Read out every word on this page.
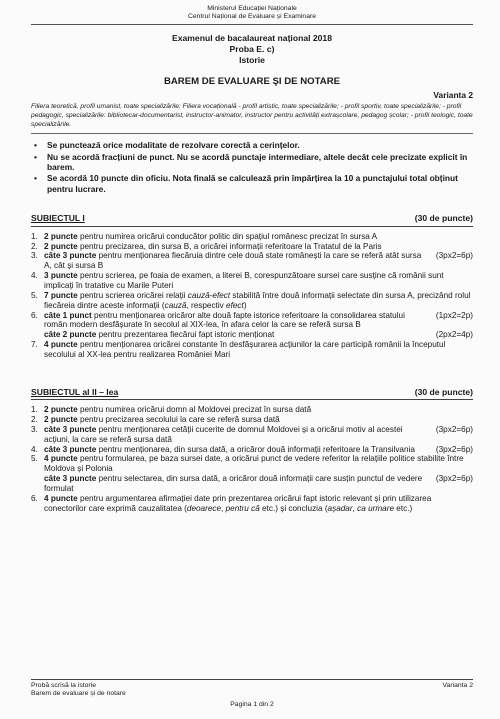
Ministerul Educației Naționale
Centrul Național de Evaluare și Examinare
Examenul de bacalaureat național 2018
Proba E. c)
Istorie
BAREM DE EVALUARE ŞI DE NOTARE
Varianta 2
Filiera teoretică, profil umanist, toate specializările; Filiera vocațională - profil artistic, toate specializările; - profil sportiv, toate specializările; - profil pedagogic, specializările: bibliotecar-documentarist, instructor-animator, instructor pentru activități extrașcolare, pedagog școlar; - profil teologic, toate specializările.
• Se punctează orice modalitate de rezolvare corectă a cerințelor.
• Nu se acordă fracțiuni de punct. Nu se acordă punctaje intermediare, altele decât cele precizate explicit în barem.
• Se acordă 10 puncte din oficiu. Nota finală se calculează prin împărțirea la 10 a punctajului total obținut pentru lucrare.
SUBIECTUL I	(30 de puncte)
1. 2 puncte pentru numirea oricărui conducător politic din spațiul românesc precizat în sursa A
2. 2 puncte pentru precizarea, din sursa B, a oricărei informații referitoare la Tratatul de la Paris
3. câte 3 puncte pentru menționarea fiecăruia dintre cele două state românești la care se referă atât sursa A, cât și sursa B
(3px2=6p)
4. 3 puncte pentru scrierea, pe foaia de examen, a literei B, corespunzătoare sursei care susține că românii sunt implicați în tratative cu Marile Puteri
5. 7 puncte pentru scrierea oricărei relații cauză-efect stabilită între două informații selectate din sursa A, precizând rolul fiecăreia dintre aceste informații (cauză, respectiv efect)
6. câte 1 punct pentru menționarea oricăror alte două fapte istorice referitoare la consolidarea statului român modern desfășurate în secolul al XIX-lea, în afara celor la care se referă sursa B
(1px2=2p)
câte 2 puncte pentru prezentarea fiecărui fapt istoric menționat	(2px2=4p)
7. 4 puncte pentru menționarea oricărei constante în desfășurarea acțiunilor la care participă românii la începutul secolului al XX-lea pentru realizarea României Mari
SUBIECTUL al II – lea	(30 de puncte)
1. 2 puncte pentru numirea oricărui domn al Moldovei precizat în sursa dată
2. 2 puncte pentru precizarea secolului la care se referă sursa dată
3. câte 3 puncte pentru menționarea cetății cucerite de domnul Moldovei și a oricărui motiv al acestei acțiuni, la care se referă sursa dată
(3px2=6p)
4. câte 3 puncte pentru menționarea, din sursa dată, a oricăror două informații referitoare la Transilvania	(3px2=6p)
5. 4 puncte pentru formularea, pe baza sursei date, a oricărui punct de vedere referitor la relațiile politice stabilite între Moldova și Polonia
câte 3 puncte pentru selectarea, din sursa dată, a oricăror două informații care susțin punctul de vedere formulat
(3px2=6p)
6. 4 puncte pentru argumentarea afirmației date prin prezentarea oricărui fapt istoric relevant și prin utilizarea conectorilor care exprimă cauzalitatea (deoarece, pentru că etc.) și concluzia (așadar, ca urmare etc.)
Probă scrisă la istorie	Varianta 2
Barem de evaluare și de notare
Pagina 1 din 2
